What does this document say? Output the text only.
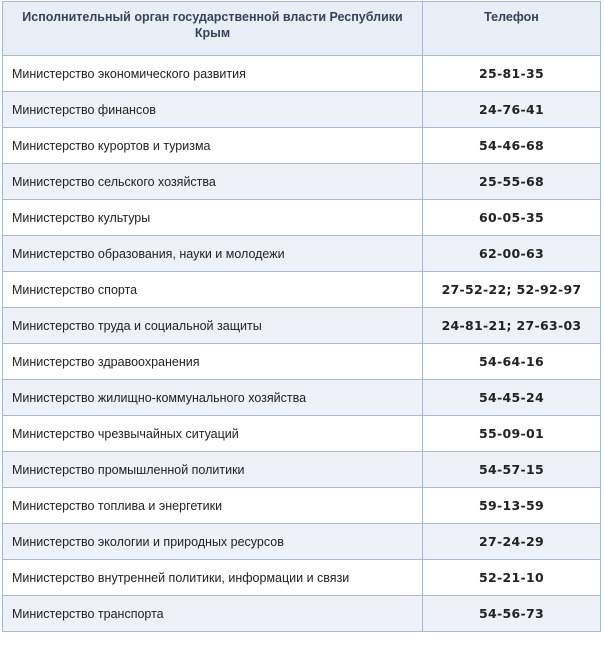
Исполнительный орган государственной власти Республики Крым	Телефон
Министерство экономического развития	25-81-35
Министерство финансов	24-76-41
Министерство курортов и туризма	54-46-68
Министерство сельского хозяйства	25-55-68
Министерство культуры	60-05-35
Министерство образования, науки и молодежи	62-00-63
Министерство спорта	27-52-22; 52-92-97
Министерство труда и социальной защиты	24-81-21; 27-63-03
Министерство здравоохранения	54-64-16
Министерство жилищно-коммунального хозяйства	54-45-24
Министерство чрезвычайных ситуаций	55-09-01
Министерство промышленной политики	54-57-15
Министерство топлива и энергетики	59-13-59
Министерство экологии и природных ресурсов	27-24-29
Министерство внутренней политики, информации и связи	52-21-10
Министерство транспорта	54-56-73
